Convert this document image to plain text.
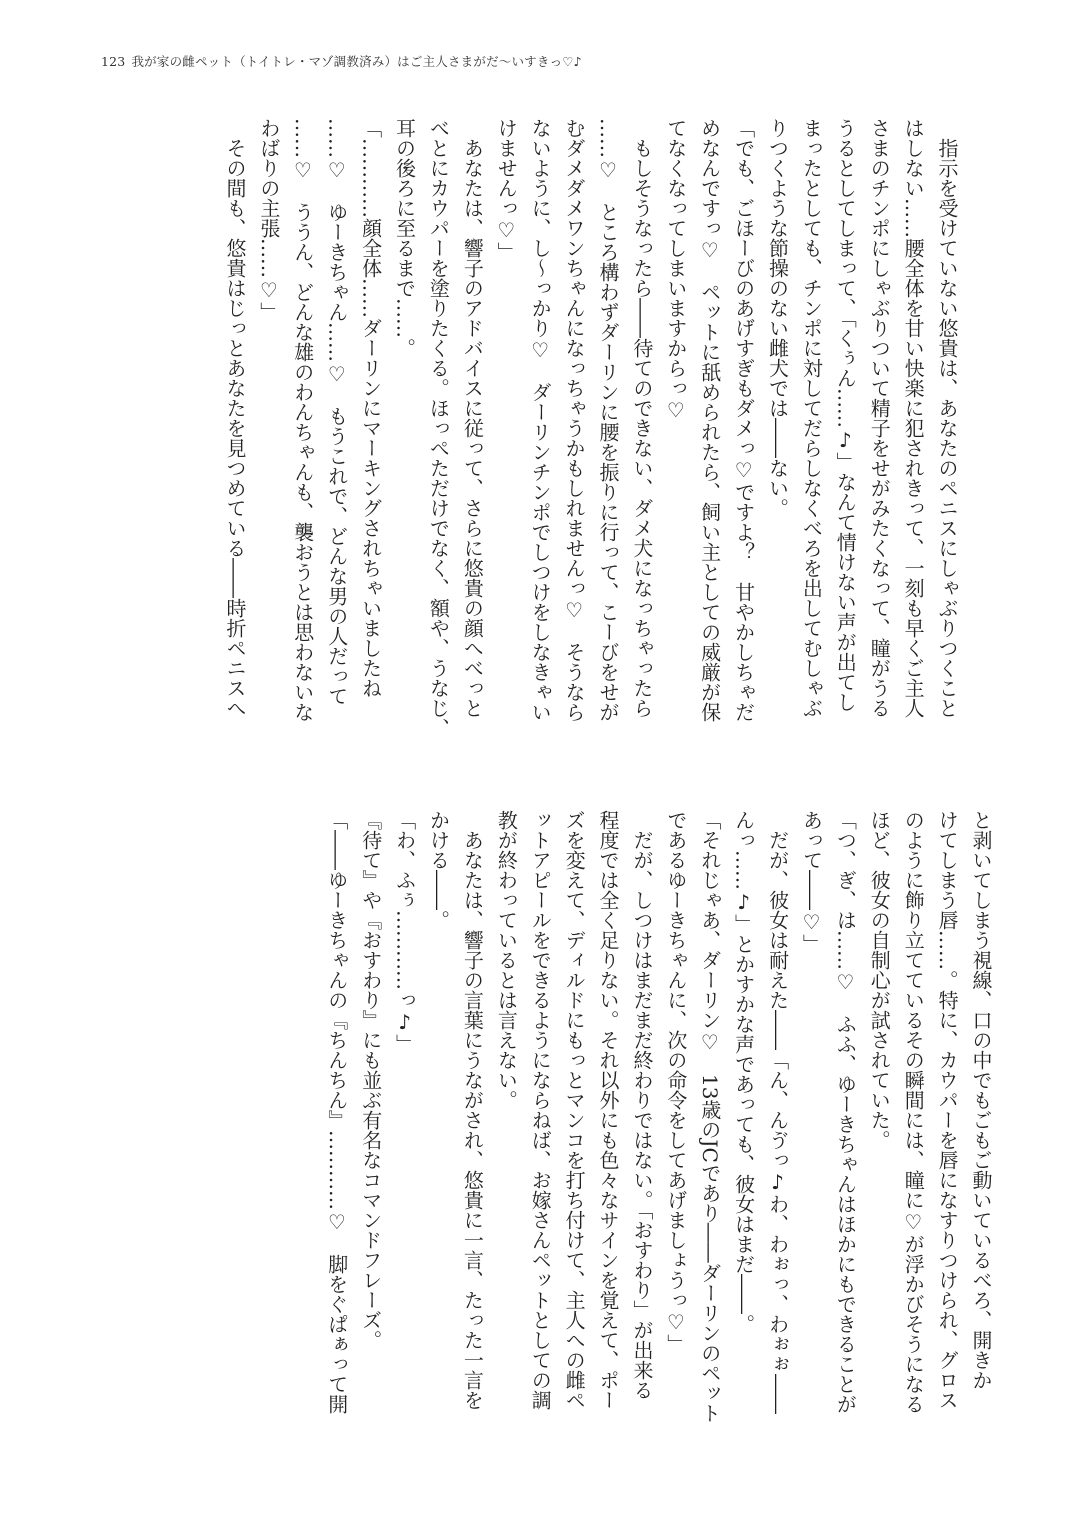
123 我が家の雌ペット（トイトレ・マゾ調教済み）はご主人さまがだ〜いすきっ♡♪
　指示を受けていない悠貴は、あなたのペニスにしゃぶりつくこと
はしない……腰全体を甘い快楽に犯されきって、一刻も早くご主人
さまのチンポにしゃぶりついて精子をせがみたくなって、瞳がうる
うるとしてしまって、「くぅん……♪」なんて情けない声が出てし
まったとしても、チンポに対してだらしなくべろを出してむしゃぶ
りつくような節操のない雌犬では――ない。
「でも、ごほーびのあげすぎもダメっ♡ですよ？　甘やかしちゃだ
めなんですっ♡　ペットに舐められたら、飼い主としての威厳が保
てなくなってしまいますからっ♡
　もしそうなったら――待てのできない、ダメ犬になっちゃったら
……♡　ところ構わずダーリンに腰を振りに行って、こーびをせが
むダメダメワンちゃんになっちゃうかもしれませんっ♡　そうなら
ないように、し〜っかり♡　ダーリンチンポでしつけをしなきゃい
けませんっ♡」
　あなたは、響子のアドバイスに従って、さらに悠貴の顔へべっと
べとにカウパーを塗りたくる。ほっぺただけでなく、額や、うなじ、
耳の後ろに至るまで……。
「…………顔全体……ダーリンにマーキングされちゃいましたね
……♡　ゆーきちゃん……♡　もうこれで、どんな男の人だって
……♡　ううん、どんな雄のわんちゃんも、襲おうとは思わないな
わばりの主張……♡」
　その間も、悠貴はじっとあなたを見つめている――時折ペニスへ
と剥いてしまう視線、口の中でもごもご動いているべろ、開きか
けてしまう唇……。特に、カウパーを唇になすりつけられ、グロス
のように飾り立てているその瞬間には、瞳に♡が浮かびそうになる
ほど、彼女の自制心が試されていた。
「つ、ぎ、は……♡　ふふ、ゆーきちゃんはほかにもできることが
あって――♡」
　だが、彼女は耐えた――「ん、んゔっ♪わ、わぉっ、わぉぉ――
んっ……♪」とかすかな声であっても、彼女はまだ――。
「それじゃあ、ダーリン♡　13歳のJCであり――ダーリンのペット
であるゆーきちゃんに、次の命令をしてあげましょうっ♡」
　だが、しつけはまだまだ終わりではない。「おすわり」が出来る
程度では全く足りない。それ以外にも色々なサインを覚えて、ポー
ズを変えて、ディルドにもっとマンコを打ち付けて、主人への雌ペ
ットアピールをできるようにならねば、お嫁さんペットとしての調
教が終わっているとは言えない。
　あなたは、響子の言葉にうながされ、悠貴に一言、たった一言を
かける――。
「わ、ふぅ…………っ♪」
『待て』や『おすわり』にも並ぶ有名なコマンドフレーズ。
「――ゆーきちゃんの『ちんちん』…………♡　脚をぐぱぁって開
